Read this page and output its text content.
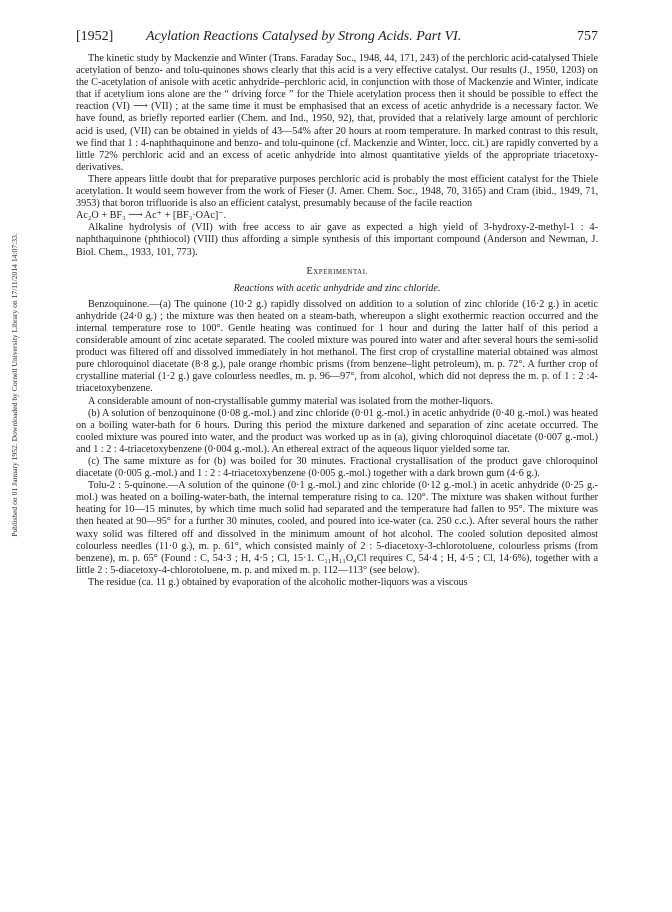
Published on 01 January 1952. Downloaded by Cornell University Library on 17/11/2014 14:07:33.
[1952] Acylation Reactions Catalysed by Strong Acids. Part VI.	757

The kinetic study by Mackenzie and Winter (Trans. Faraday Soc., 1948, 44, 171, 243) of the perchloric acid-catalysed Thiele acetylation of benzo- and tolu-quinones shows clearly that this acid is a very effective catalyst. Our results (J., 1950, 1203) on the C-acetylation of anisole with acetic anhydride–perchloric acid, in conjunction with those of Mackenzie and Winter, indicate that if acetylium ions alone are the “ driving force ” for the Thiele acetylation process then it should be possible to effect the reaction (VI) ⟶ (VII) ; at the same time it must be emphasised that an excess of acetic anhydride is a necessary factor. We have found, as briefly reported earlier (Chem. and Ind., 1950, 92), that, provided that a relatively large amount of perchloric acid is used, (VII) can be obtained in yields of 43—54% after 20 hours at room temperature. In marked contrast to this result, we find that 1 : 4-naphthaquinone and benzo- and tolu-quinone (cf. Mackenzie and Winter, locc. cit.) are rapidly converted by a little 72% perchloric acid and an excess of acetic anhydride into almost quantitative yields of the appropriate triacetoxy-derivatives.

There appears little doubt that for preparative purposes perchloric acid is probably the most efficient catalyst for the Thiele acetylation. It would seem however from the work of Fieser (J. Amer. Chem. Soc., 1948, 70, 3165) and Cram (ibid., 1949, 71, 3953) that boron trifluoride is also an efficient catalyst, presumably because of the facile reaction

Ac₂O + BF₃ ⟶ Ac⁺ + [BF₃·OAc]⁻.

Alkaline hydrolysis of (VII) with free access to air gave as expected a high yield of 3-hydroxy-2-methyl-1 : 4-naphthaquinone (phthiocol) (VIII) thus affording a simple synthesis of this important compound (Anderson and Newman, J. Biol. Chem., 1933, 101, 773).

Experimental

Reactions with acetic anhydride and zinc chloride.

Benzoquinone.—(a) The quinone (10·2 g.) rapidly dissolved on addition to a solution of zinc chloride (16·2 g.) in acetic anhydride (24·0 g.) ; the mixture was then heated on a steam-bath, whereupon a slight exothermic reaction occurred and the internal temperature rose to 100°. Gentle heating was continued for 1 hour and during the latter half of this period a considerable amount of zinc acetate separated. The cooled mixture was poured into water and after several hours the semi-solid product was filtered off and dissolved immediately in hot methanol. The first crop of crystalline material obtained was almost pure chloroquinol diacetate (8·8 g.), pale orange rhombic prisms (from benzene–light petroleum), m. p. 72°. A further crop of crystalline material (1·2 g.) gave colourless needles, m. p. 96—97°, from alcohol, which did not depress the m. p. of 1 : 2 :4-triacetoxybenzene.

A considerable amount of non-crystallisable gummy material was isolated from the mother-liquors.

(b) A solution of benzoquinone (0·08 g.-mol.) and zinc chloride (0·01 g.-mol.) in acetic anhydride (0·40 g.-mol.) was heated on a boiling water-bath for 6 hours. During this period the mixture darkened and separation of zinc acetate occurred. The cooled mixture was poured into water, and the product was worked up as in (a), giving chloroquinol diacetate (0·007 g.-mol.) and 1 : 2 : 4-triacetoxybenzene (0·004 g.-mol.). An ethereal extract of the aqueous liquor yielded some tar.

(c) The same mixture as for (b) was boiled for 30 minutes. Fractional crystallisation of the product gave chloroquinol diacetate (0·005 g.-mol.) and 1 : 2 : 4-triacetoxybenzene (0·005 g.-mol.) together with a dark brown gum (4·6 g.).

Tolu-2 : 5-quinone.—A solution of the quinone (0·1 g.-mol.) and zinc chloride (0·12 g.-mol.) in acetic anhydride (0·25 g.-mol.) was heated on a boiling-water-bath, the internal temperature rising to ca. 120°. The mixture was shaken without further heating for 10—15 minutes, by which time much solid had separated and the temperature had fallen to 95°. The mixture was then heated at 90—95° for a further 30 minutes, cooled, and poured into ice-water (ca. 250 c.c.). After several hours the rather waxy solid was filtered off and dissolved in the minimum amount of hot alcohol. The cooled solution deposited almost colourless needles (11·0 g.), m. p. 61°, which consisted mainly of 2 : 5-diacetoxy-3-chlorotoluene, colourless prisms (from benzene), m. p. 65° (Found : C, 54·3 ; H, 4·5 ; Cl, 15·1. C₁₁H₁₁O₄Cl requires C, 54·4 ; H, 4·5 ; Cl, 14·6%), together with a little 2 : 5-diacetoxy-4-chlorotoluene, m. p. and mixed m. p. 112—113° (see below).

The residue (ca. 11 g.) obtained by evaporation of the alcoholic mother-liquors was a viscous
